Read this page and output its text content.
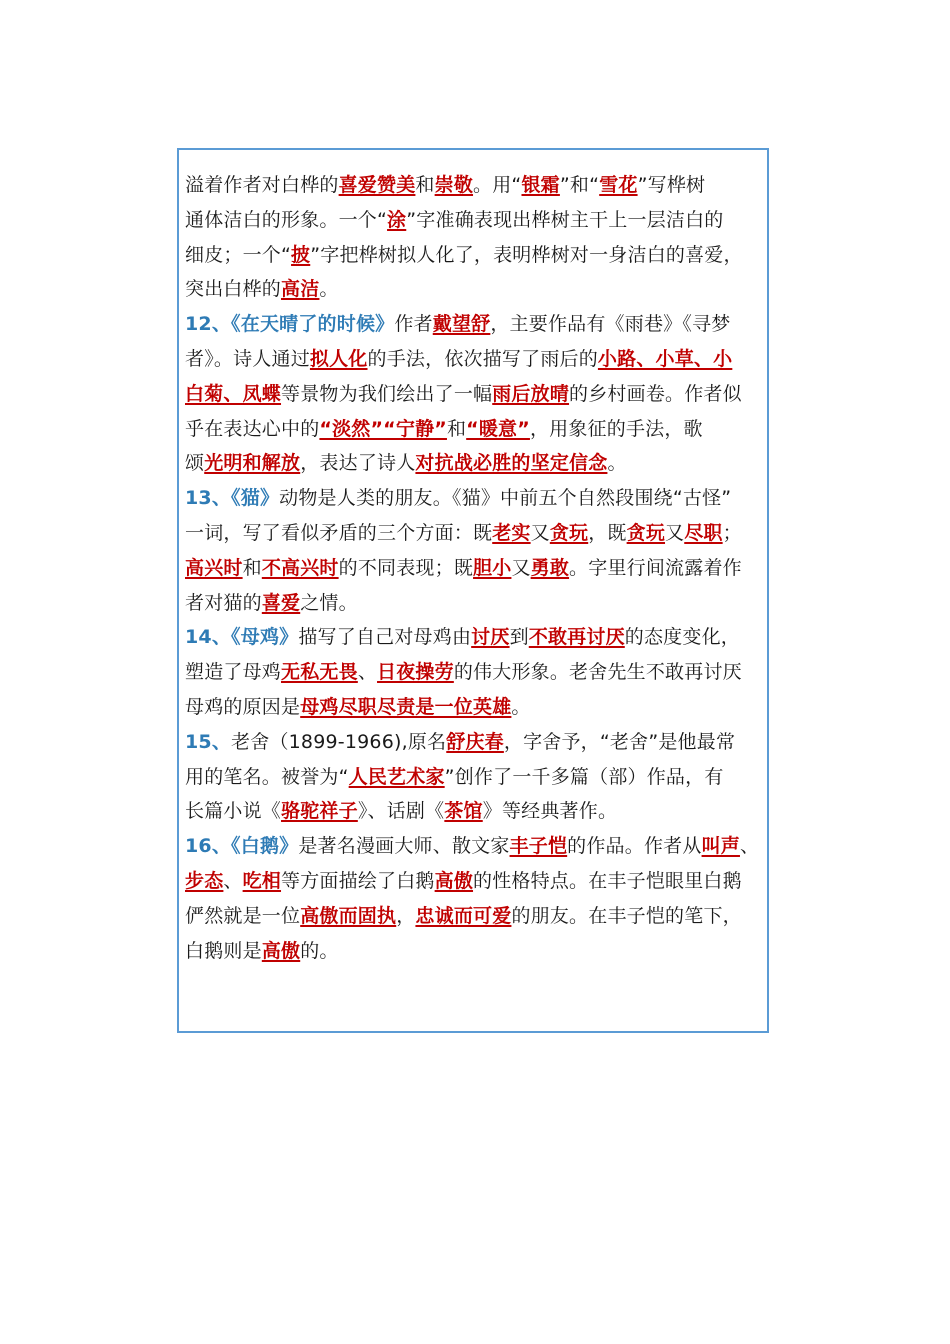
溢着作者对白桦的喜爱赞美和崇敬。用“银霜”和“雪花”写桦树
通体洁白的形象。一个“涂”字准确表现出桦树主干上一层洁白的
细皮；一个“披”字把桦树拟人化了，表明桦树对一身洁白的喜爱，
突出白桦的高洁。
12、《在天晴了的时候》作者戴望舒，主要作品有《雨巷》《寻梦
者》。诗人通过拟人化的手法，依次描写了雨后的小路、小草、小
白菊、凤蝶等景物为我们绘出了一幅雨后放晴的乡村画卷。作者似
乎在表达心中的“淡然”“宁静”和“暖意”，用象征的手法，歌
颂光明和解放，表达了诗人对抗战必胜的坚定信念。
13、《猫》动物是人类的朋友。《猫》中前五个自然段围绕“古怪”
一词，写了看似矛盾的三个方面：既老实又贪玩，既贪玩又尽职；
高兴时和不高兴时的不同表现；既胆小又勇敢。字里行间流露着作
者对猫的喜爱之情。
14、《母鸡》描写了自己对母鸡由讨厌到不敢再讨厌的态度变化，
塑造了母鸡无私无畏、日夜操劳的伟大形象。老舍先生不敢再讨厌
母鸡的原因是母鸡尽职尽责是一位英雄。
15、老舍（1899-1966),原名舒庆春，字舍予，“老舍”是他最常
用的笔名。被誉为“人民艺术家”创作了一千多篇（部）作品，有
长篇小说《骆驼祥子》、话剧《茶馆》等经典著作。
16、《白鹅》是著名漫画大师、散文家丰子恺的作品。作者从叫声、
步态、吃相等方面描绘了白鹅高傲的性格特点。在丰子恺眼里白鹅
俨然就是一位高傲而固执，忠诚而可爱的朋友。在丰子恺的笔下，
白鹅则是高傲的。
